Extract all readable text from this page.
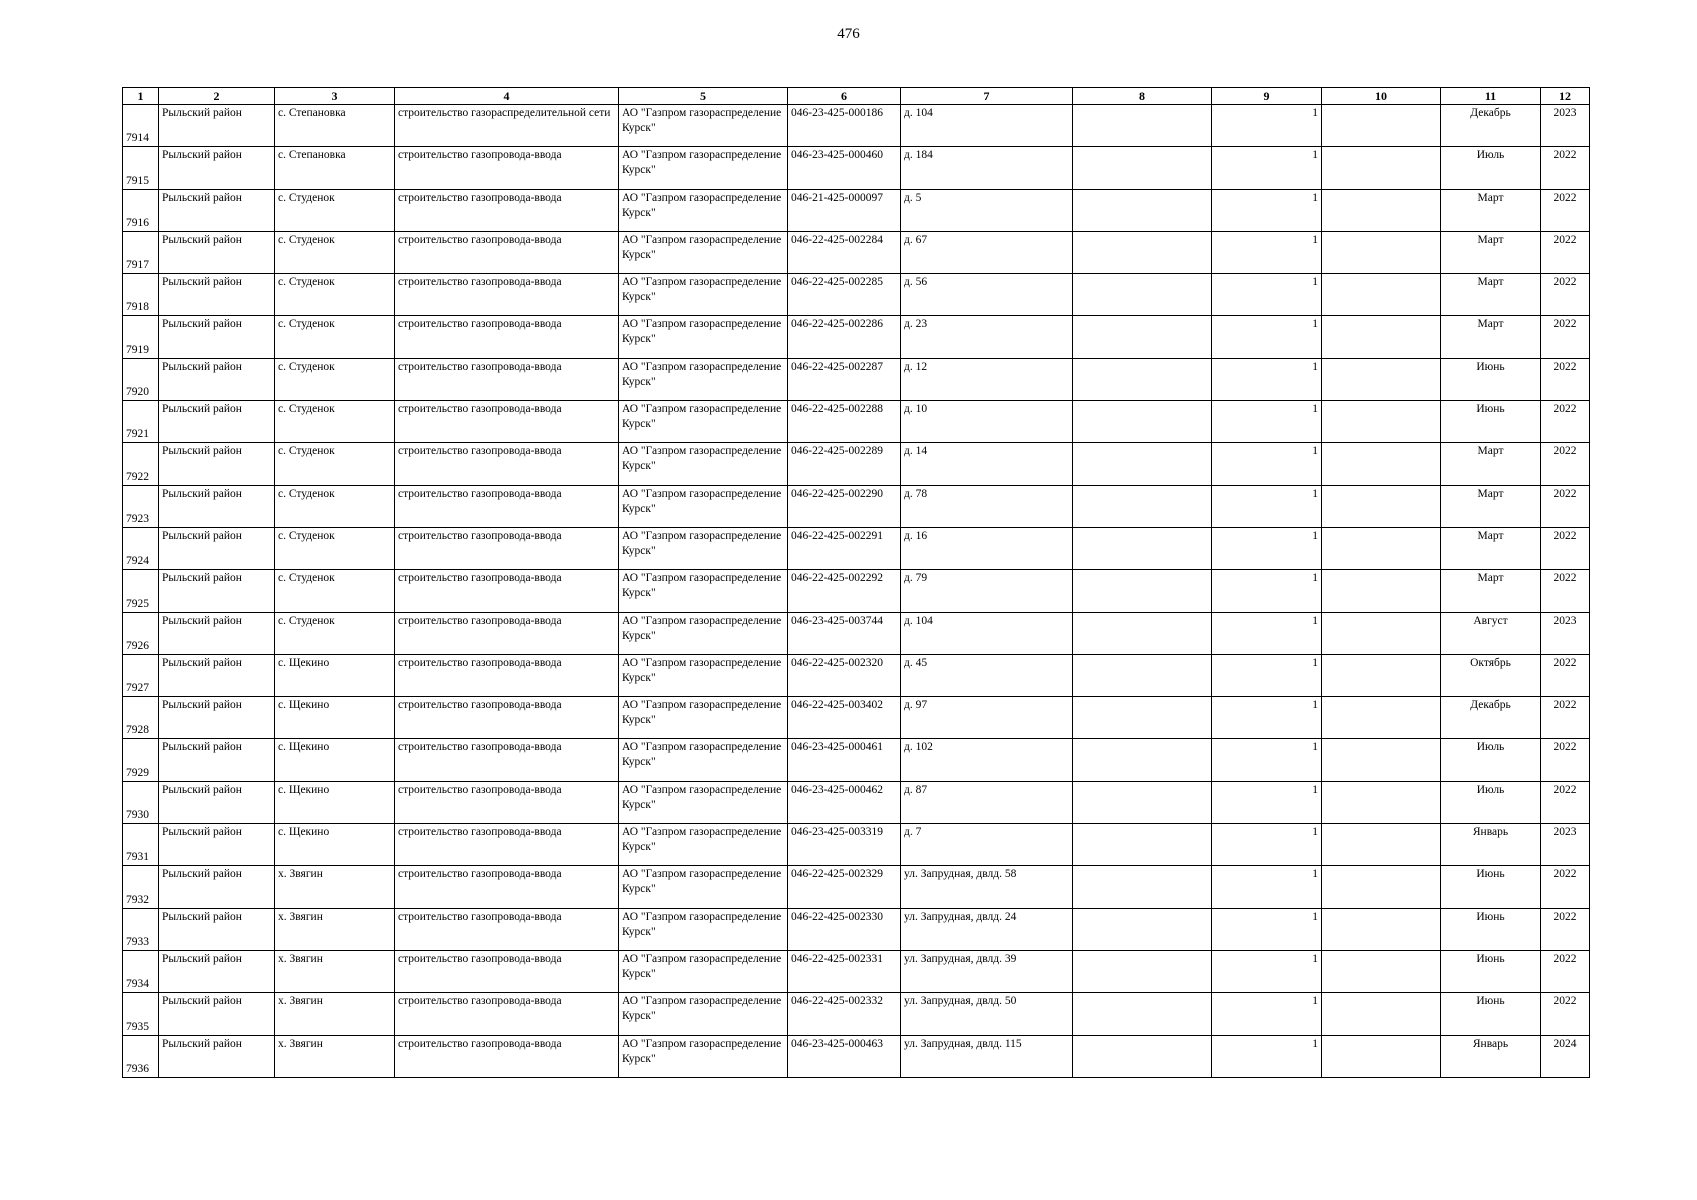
476
1	2	3	4	5	6	7	8	9	10	11	12
7914	Рыльский район	с. Степановка	строительство газораспределительной сети	АО "Газпром газораспределение Курск"	046-23-425-000186	д. 104		1		Декабрь	2023
7915	Рыльский район	с. Степановка	строительство газопровода-ввода	АО "Газпром газораспределение Курск"	046-23-425-000460	д. 184		1		Июль	2022
7916	Рыльский район	с. Студенок	строительство газопровода-ввода	АО "Газпром газораспределение Курск"	046-21-425-000097	д. 5		1		Март	2022
7917	Рыльский район	с. Студенок	строительство газопровода-ввода	АО "Газпром газораспределение Курск"	046-22-425-002284	д. 67		1		Март	2022
7918	Рыльский район	с. Студенок	строительство газопровода-ввода	АО "Газпром газораспределение Курск"	046-22-425-002285	д. 56		1		Март	2022
7919	Рыльский район	с. Студенок	строительство газопровода-ввода	АО "Газпром газораспределение Курск"	046-22-425-002286	д. 23		1		Март	2022
7920	Рыльский район	с. Студенок	строительство газопровода-ввода	АО "Газпром газораспределение Курск"	046-22-425-002287	д. 12		1		Июнь	2022
7921	Рыльский район	с. Студенок	строительство газопровода-ввода	АО "Газпром газораспределение Курск"	046-22-425-002288	д. 10		1		Июнь	2022
7922	Рыльский район	с. Студенок	строительство газопровода-ввода	АО "Газпром газораспределение Курск"	046-22-425-002289	д. 14		1		Март	2022
7923	Рыльский район	с. Студенок	строительство газопровода-ввода	АО "Газпром газораспределение Курск"	046-22-425-002290	д. 78		1		Март	2022
7924	Рыльский район	с. Студенок	строительство газопровода-ввода	АО "Газпром газораспределение Курск"	046-22-425-002291	д. 16		1		Март	2022
7925	Рыльский район	с. Студенок	строительство газопровода-ввода	АО "Газпром газораспределение Курск"	046-22-425-002292	д. 79		1		Март	2022
7926	Рыльский район	с. Студенок	строительство газопровода-ввода	АО "Газпром газораспределение Курск"	046-23-425-003744	д. 104		1		Август	2023
7927	Рыльский район	с. Щекино	строительство газопровода-ввода	АО "Газпром газораспределение Курск"	046-22-425-002320	д. 45		1		Октябрь	2022
7928	Рыльский район	с. Щекино	строительство газопровода-ввода	АО "Газпром газораспределение Курск"	046-22-425-003402	д. 97		1		Декабрь	2022
7929	Рыльский район	с. Щекино	строительство газопровода-ввода	АО "Газпром газораспределение Курск"	046-23-425-000461	д. 102		1		Июль	2022
7930	Рыльский район	с. Щекино	строительство газопровода-ввода	АО "Газпром газораспределение Курск"	046-23-425-000462	д. 87		1		Июль	2022
7931	Рыльский район	с. Щекино	строительство газопровода-ввода	АО "Газпром газораспределение Курск"	046-23-425-003319	д. 7		1		Январь	2023
7932	Рыльский район	х. Звягин	строительство газопровода-ввода	АО "Газпром газораспределение Курск"	046-22-425-002329	ул. Запрудная, двлд. 58		1		Июнь	2022
7933	Рыльский район	х. Звягин	строительство газопровода-ввода	АО "Газпром газораспределение Курск"	046-22-425-002330	ул. Запрудная, двлд. 24		1		Июнь	2022
7934	Рыльский район	х. Звягин	строительство газопровода-ввода	АО "Газпром газораспределение Курск"	046-22-425-002331	ул. Запрудная, двлд. 39		1		Июнь	2022
7935	Рыльский район	х. Звягин	строительство газопровода-ввода	АО "Газпром газораспределение Курск"	046-22-425-002332	ул. Запрудная, двлд. 50		1		Июнь	2022
7936	Рыльский район	х. Звягин	строительство газопровода-ввода	АО "Газпром газораспределение Курск"	046-23-425-000463	ул. Запрудная, двлд. 115		1		Январь	2024
